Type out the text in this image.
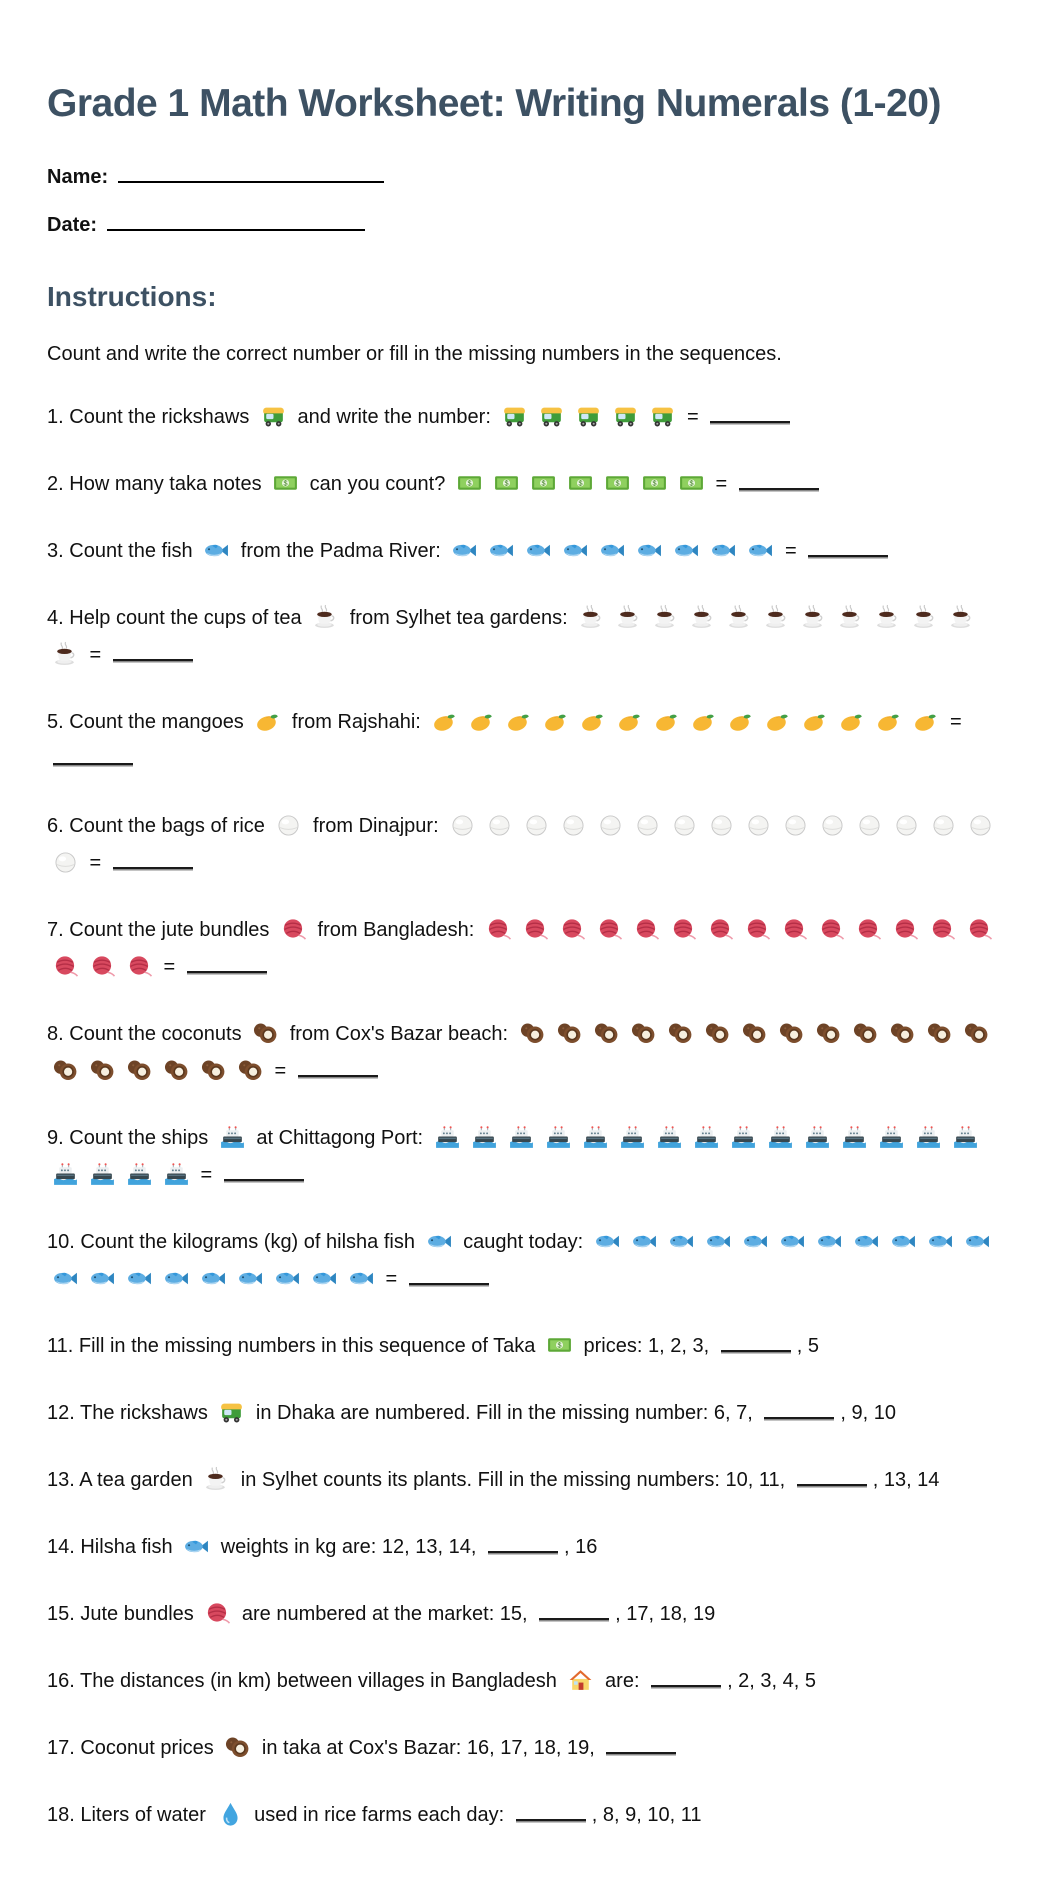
Grade 1 Math Worksheet: Writing Numerals (1-20)

Name:

Date:

Instructions:

Count and write the correct number or fill in the missing numbers in the sequences.

1. Count the rickshaws
and write the number:	=

2. How many taka notes $ can you count? $	$	$	$	$	$	$ =

3. Count the fish
from the Padma River:	=

4. Help count the cups of tea
from Sylhet tea gardens:
=

5. Count the mangoes
from Rajshahi:	=

6. Count the bags of rice
from Dinajpur:
=

7. Count the jute bundles
from Bangladesh:
=

8. Count the coconuts
from Cox's Bazar beach:
=

9. Count the ships
at Chittagong Port:
=

10. Count the kilograms (kg) of hilsha fish
caught today:
=

11. Fill in the missing numbers in this sequence of Taka $ prices: 1, 2, 3,	, 5

12. The rickshaws
in Dhaka are numbered. Fill in the missing number: 6, 7,	, 9, 10

13. A tea garden
in Sylhet counts its plants. Fill in the missing numbers: 10, 11,	, 13, 14

14. Hilsha fish
weights in kg are: 12, 13, 14,	, 16

15. Jute bundles
are numbered at the market: 15,	, 17, 18, 19

16. The distances (in km) between villages in Bangladesh
are:	, 2, 3, 4, 5

17. Coconut prices
in taka at Cox's Bazar: 16, 17, 18, 19,

18. Liters of water
used in rice farms each day:	, 8, 9, 10, 11
